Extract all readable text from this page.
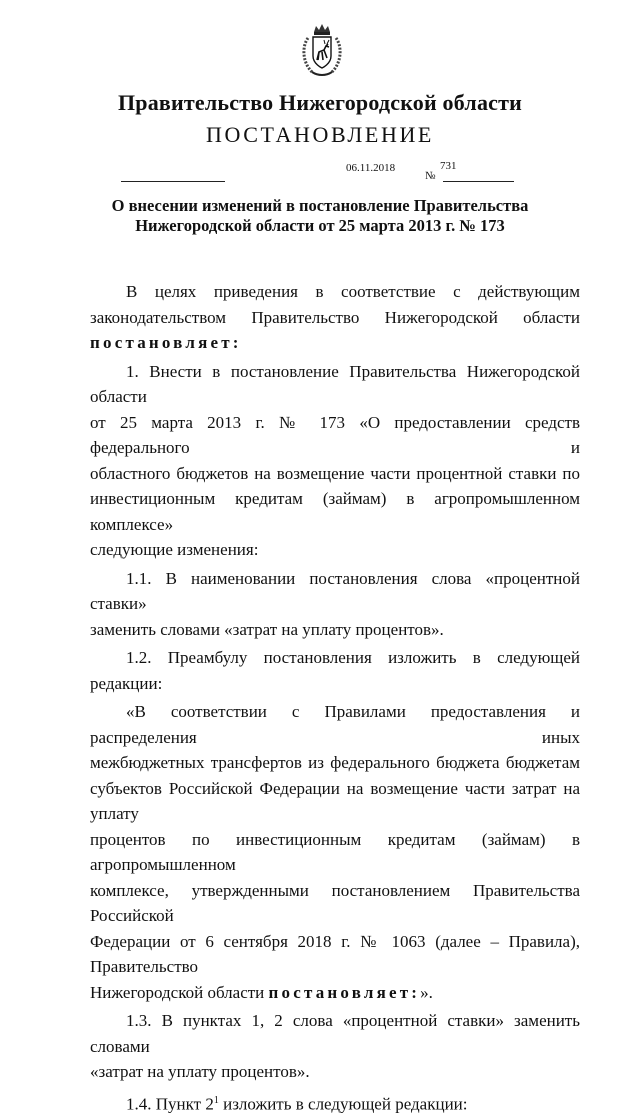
Правительство Нижегородской области
ПОСТАНОВЛЕНИЕ
06.11.2018
№
731
О внесении изменений в постановление Правительства
Нижегородской области от 25 марта 2013 г. № 173

В целях приведения в соответствие с действующим

законодательством Правительство Нижегородской области

постановляет:

1. Внести в постановление Правительства Нижегородской области

от 25 марта 2013 г. № 173 «О предоставлении средств федерального и

областного бюджетов на возмещение части процентной ставки по

инвестиционным кредитам (займам) в агропромышленном комплексе»

следующие изменения:

1.1. В наименовании постановления слова «процентной ставки»

заменить словами «затрат на уплату процентов».

1.2. Преамбулу постановления изложить в следующей редакции:

«В соответствии с Правилами предоставления и распределения иных

межбюджетных трансфертов из федерального бюджета бюджетам

субъектов Российской Федерации на возмещение части затрат на уплату

процентов по инвестиционным кредитам (займам) в агропромышленном

комплексе, утвержденными постановлением Правительства Российской

Федерации от 6 сентября 2018 г. № 1063 (далее – Правила), Правительство

Нижегородской области постановляет:».

1.3. В пунктах 1, 2 слова «процентной ставки» заменить словами

«затрат на уплату процентов».

1.4. Пункт $2^1$ изложить в следующей редакции:
